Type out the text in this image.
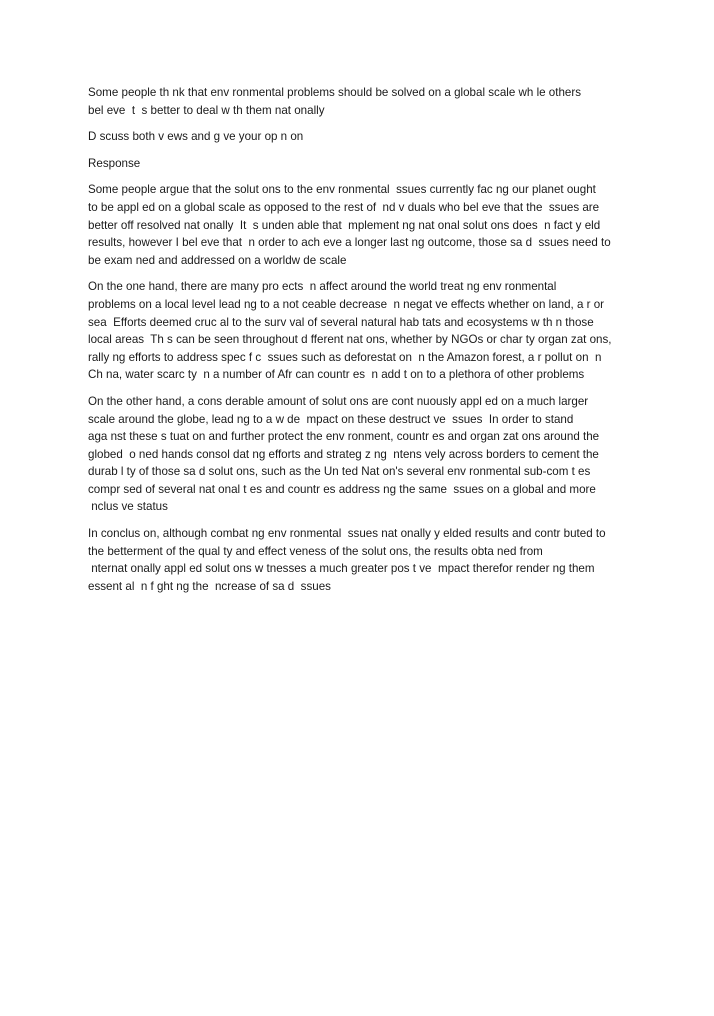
Some people th nk that env ronmental problems should be solved on a global scale wh le others
bel eve  t  s better to deal w th them nat onally

D scuss both v ews and g ve your op n on

Response

Some people argue that the solut ons to the env ronmental  ssues currently fac ng our planet ought
to be appl ed on a global scale as opposed to the rest of  nd v duals who bel eve that the  ssues are
better off resolved nat onally  It  s unden able that  mplement ng nat onal solut ons does  n fact y eld
results, however I bel eve that  n order to ach eve a longer last ng outcome, those sa d  ssues need to
be exam ned and addressed on a worldw de scale

On the one hand, there are many pro ects  n affect around the world treat ng env ronmental
problems on a local level lead ng to a not ceable decrease  n negat ve effects whether on land, a r or
sea  Efforts deemed cruc al to the surv val of several natural hab tats and ecosystems w th n those
local areas  Th s can be seen throughout d fferent nat ons, whether by NGOs or char ty organ zat ons,
rally ng efforts to address spec f c  ssues such as deforestat on  n the Amazon forest, a r pollut on  n
Ch na, water scarc ty  n a number of Afr can countr es  n add t on to a plethora of other problems

On the other hand, a cons derable amount of solut ons are cont nuously appl ed on a much larger
scale around the globe, lead ng to a w de  mpact on these destruct ve  ssues  In order to stand
aga nst these s tuat on and further protect the env ronment, countr es and organ zat ons around the
globed  o ned hands consol dat ng efforts and strateg z ng  ntens vely across borders to cement the
durab l ty of those sa d solut ons, such as the Un ted Nat on's several env ronmental sub-com t es
compr sed of several nat onal t es and countr es address ng the same  ssues on a global and more
nclus ve status

In conclus on, although combat ng env ronmental  ssues nat onally y elded results and contr buted to
the betterment of the qual ty and effect veness of the solut ons, the results obta ned from
nternat onally appl ed solut ons w tnesses a much greater pos t ve  mpact therefor render ng them
essent al  n f ght ng the  ncrease of sa d  ssues
